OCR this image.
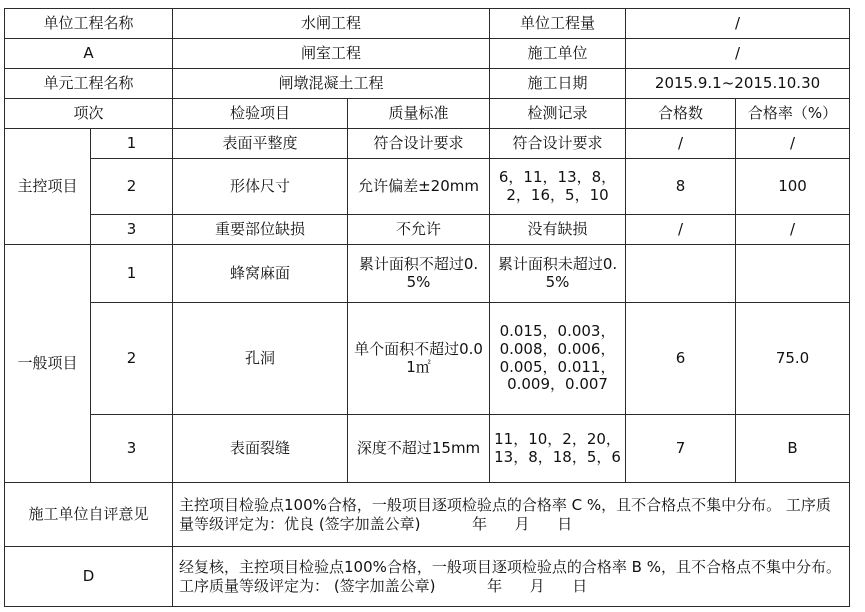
单位工程名称		水闸工程		单位工程量	/	
A		闸室工程		施工单位	/	
单元工程名称		闸墩混凝土工程		施工日期	2015.9.1~2015.10.30	
项次		检验项目	质量标准	检测记录	合格数	合格率（%）
主控项目	1	表面平整度	符合设计要求	符合设计要求	/	/
	2	形体尺寸	允许偏差±20mm	6，11，13，8，2，16，5，10	8	100
	3	重要部位缺损	不允许	没有缺损	/	/
一般项目	1	蜂窝麻面	累计面积不超过0.5%	累计面积未超过0.5%		
	2	孔洞	单个面积不超过0.01㎡	0.015，0.003，0.008，0.006，0.005，0.011，0.009，0.007	6	75.0
	3	表面裂缝	深度不超过15mm	11，10，2，20，13，8，18，5，6	7	B
施工单位自评意见		主控项目检验点100%合格，一般项目逐项检验点的合格率 C %，且不合格点不集中分布。 工序质量等级评定为：优良 (签字加盖公章) 年 月 日				
D		经复核，主控项目检验点100%合格，一般项目逐项检验点的合格率 B %，且不合格点不集中分布。 工序质量等级评定为： (签字加盖公章) 年 月 日				
